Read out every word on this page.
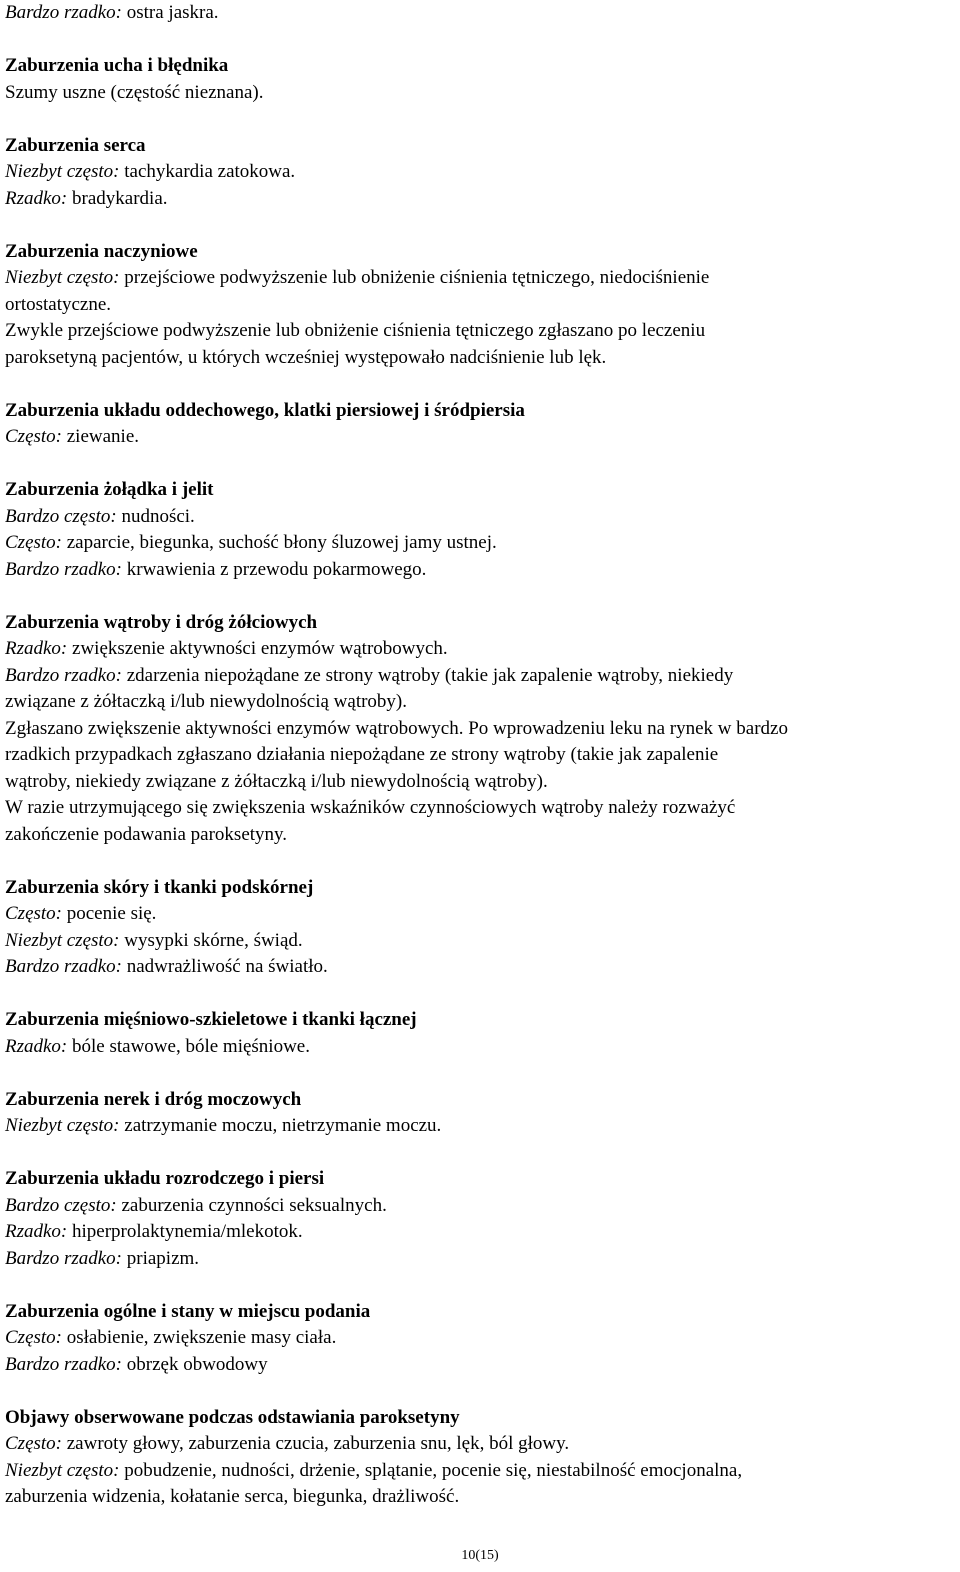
Bardzo rzadko: ostra jaskra.
Zaburzenia ucha i błędnika
Szumy uszne (częstość nieznana).
Zaburzenia serca
Niezbyt często: tachykardia zatokowa.
Rzadko: bradykardia.
Zaburzenia naczyniowe
Niezbyt często: przejściowe podwyższenie lub obniżenie ciśnienia tętniczego, niedociśnienie
ortostatyczne.
Zwykle przejściowe podwyższenie lub obniżenie ciśnienia tętniczego zgłaszano po leczeniu
paroksetyną pacjentów, u których wcześniej występowało nadciśnienie lub lęk.
Zaburzenia układu oddechowego, klatki piersiowej i śródpiersia
Często: ziewanie.
Zaburzenia żołądka i jelit
Bardzo często: nudności.
Często: zaparcie, biegunka, suchość błony śluzowej jamy ustnej.
Bardzo rzadko: krwawienia z przewodu pokarmowego.
Zaburzenia wątroby i dróg żółciowych
Rzadko: zwiększenie aktywności enzymów wątrobowych.
Bardzo rzadko: zdarzenia niepożądane ze strony wątroby (takie jak zapalenie wątroby, niekiedy
związane z żółtaczką i/lub niewydolnością wątroby).
Zgłaszano zwiększenie aktywności enzymów wątrobowych. Po wprowadzeniu leku na rynek w bardzo
rzadkich przypadkach zgłaszano działania niepożądane ze strony wątroby (takie jak zapalenie
wątroby, niekiedy związane z żółtaczką i/lub niewydolnością wątroby).
W razie utrzymującego się zwiększenia wskaźników czynnościowych wątroby należy rozważyć
zakończenie podawania paroksetyny.
Zaburzenia skóry i tkanki podskórnej
Często: pocenie się.
Niezbyt często: wysypki skórne, świąd.
Bardzo rzadko: nadwrażliwość na światło.
Zaburzenia mięśniowo-szkieletowe i tkanki łącznej
Rzadko: bóle stawowe, bóle mięśniowe.
Zaburzenia nerek i dróg moczowych
Niezbyt często: zatrzymanie moczu, nietrzymanie moczu.
Zaburzenia układu rozrodczego i piersi
Bardzo często: zaburzenia czynności seksualnych.
Rzadko: hiperprolaktynemia/mlekotok.
Bardzo rzadko: priapizm.
Zaburzenia ogólne i stany w miejscu podania
Często: osłabienie, zwiększenie masy ciała.
Bardzo rzadko: obrzęk obwodowy
Objawy obserwowane podczas odstawiania paroksetyny
Często: zawroty głowy, zaburzenia czucia, zaburzenia snu, lęk, ból głowy.
Niezbyt często: pobudzenie, nudności, drżenie, splątanie, pocenie się, niestabilność emocjonalna,
zaburzenia widzenia, kołatanie serca, biegunka, drażliwość.
10(15)
